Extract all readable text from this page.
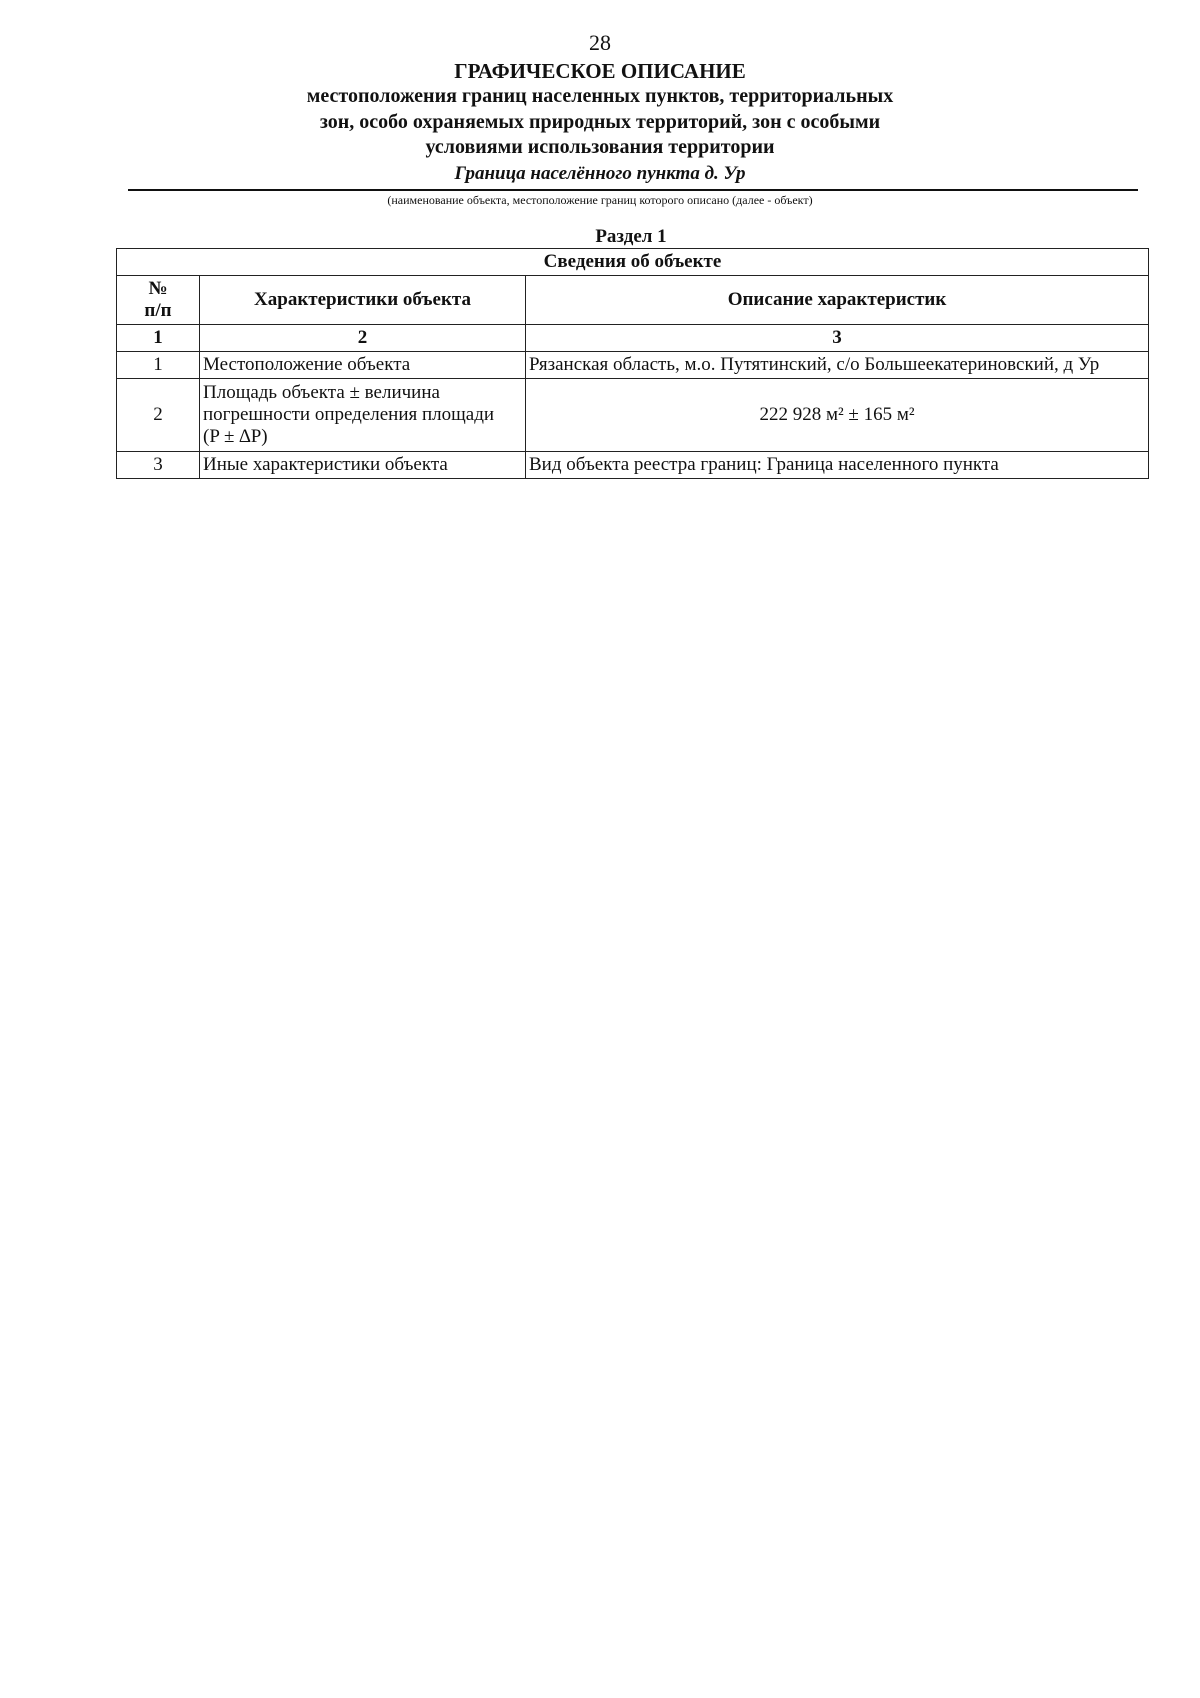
28
ГРАФИЧЕСКОЕ ОПИСАНИЕ
местоположения границ населенных пунктов, территориальных
зон, особо охраняемых природных территорий, зон с особыми
условиями использования территории
Граница населённого пункта д. Ур
(наименование объекта, местоположение границ которого описано (далее - объект)
Раздел 1
Сведения об объекте		

№
п/п	Характеристики объекта	Описание характеристик
1	2	3
1	Местоположение объекта	Рязанская область, м.о. Путятинский, с/о Большеекатериновский, д Ур
2	Площадь объекта ± величина
погрешности определения площади
(P ± ∆P)	222 928 м² ± 165 м²
3	Иные характеристики объекта	Вид объекта реестра границ: Граница населенного пункта
